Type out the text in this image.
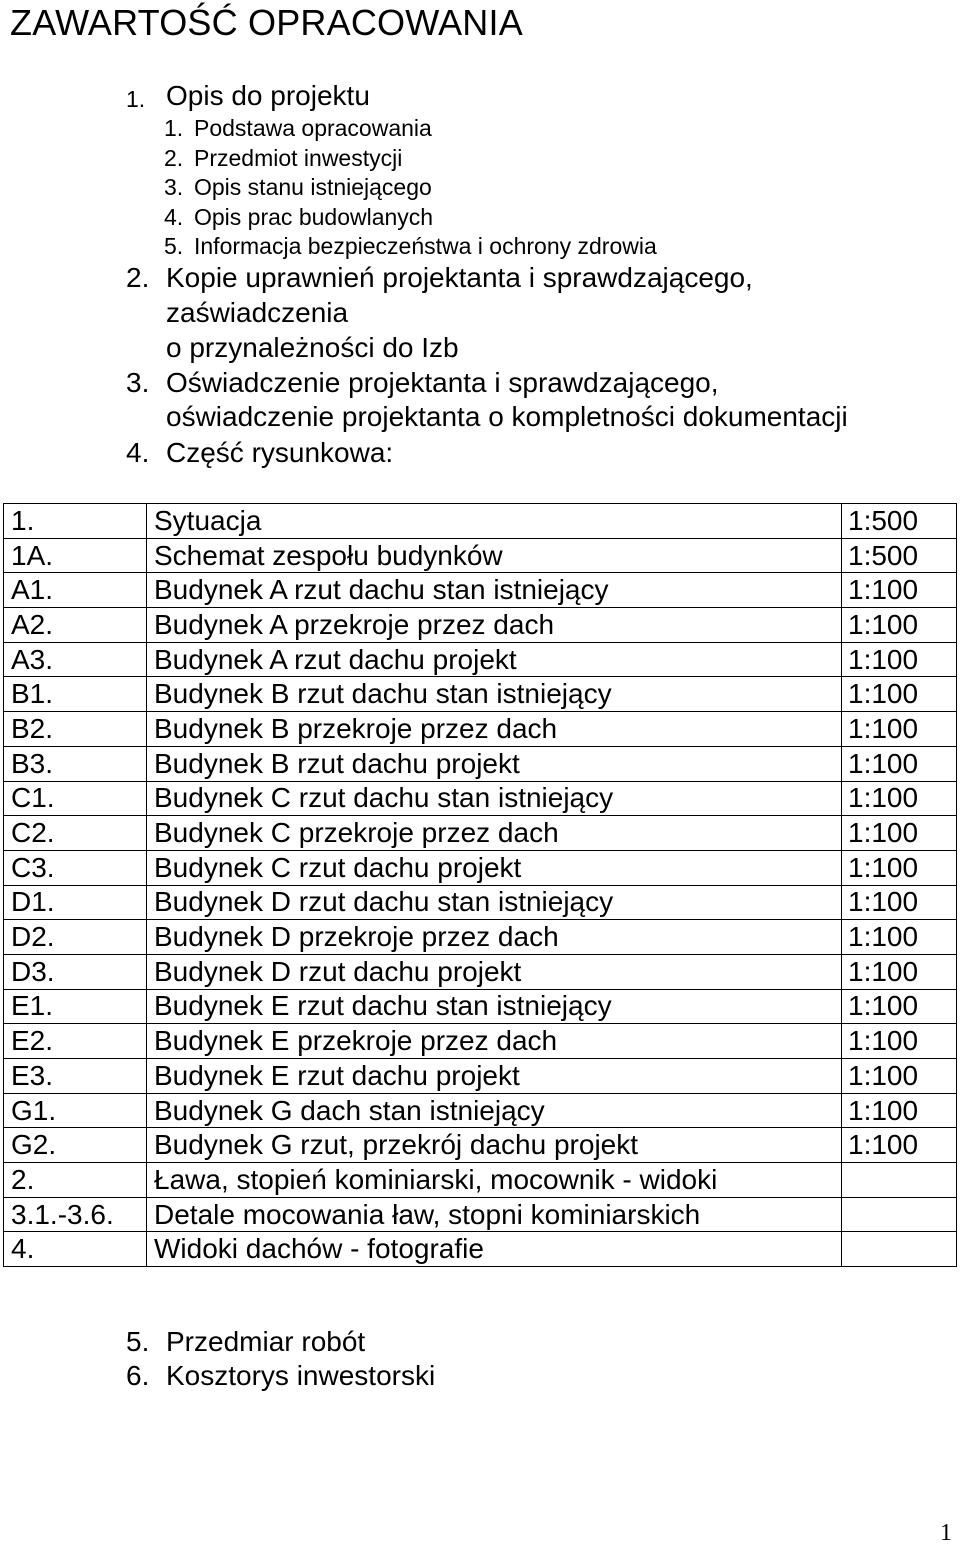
ZAWARTOŚĆ OPRACOWANIA
1. Opis do projektu
1. Podstawa opracowania
2. Przedmiot inwestycji
3. Opis stanu istniejącego
4. Opis prac budowlanych
5. Informacja bezpieczeństwa i ochrony zdrowia
2. Kopie uprawnień projektanta i sprawdzającego,
zaświadczenia
o przynależności do Izb
3. Oświadczenie projektanta i sprawdzającego,
oświadczenie projektanta o kompletności dokumentacji
4. Część rysunkowa:
1.	Sytuacja	1:500
1A.	Schemat zespołu budynków	1:500
A1.	Budynek A rzut dachu stan istniejący	1:100
A2.	Budynek A przekroje przez dach	1:100
A3.	Budynek A rzut dachu projekt	1:100
B1.	Budynek B rzut dachu stan istniejący	1:100
B2.	Budynek B przekroje przez dach	1:100
B3.	Budynek B rzut dachu projekt	1:100
C1.	Budynek C rzut dachu stan istniejący	1:100
C2.	Budynek C przekroje przez dach	1:100
C3.	Budynek C rzut dachu projekt	1:100
D1.	Budynek D rzut dachu stan istniejący	1:100
D2.	Budynek D przekroje przez dach	1:100
D3.	Budynek D rzut dachu projekt	1:100
E1.	Budynek E rzut dachu stan istniejący	1:100
E2.	Budynek E przekroje przez dach	1:100
E3.	Budynek E rzut dachu projekt	1:100
G1.	Budynek G dach stan istniejący	1:100
G2.	Budynek G rzut, przekrój dachu projekt	1:100
2.	Ława, stopień kominiarski, mocownik - widoki	
3.1.-3.6.	Detale mocowania ław, stopni kominiarskich	
4.	Widoki dachów - fotografie	
5. Przedmiar robót
6. Kosztorys inwestorski
1
